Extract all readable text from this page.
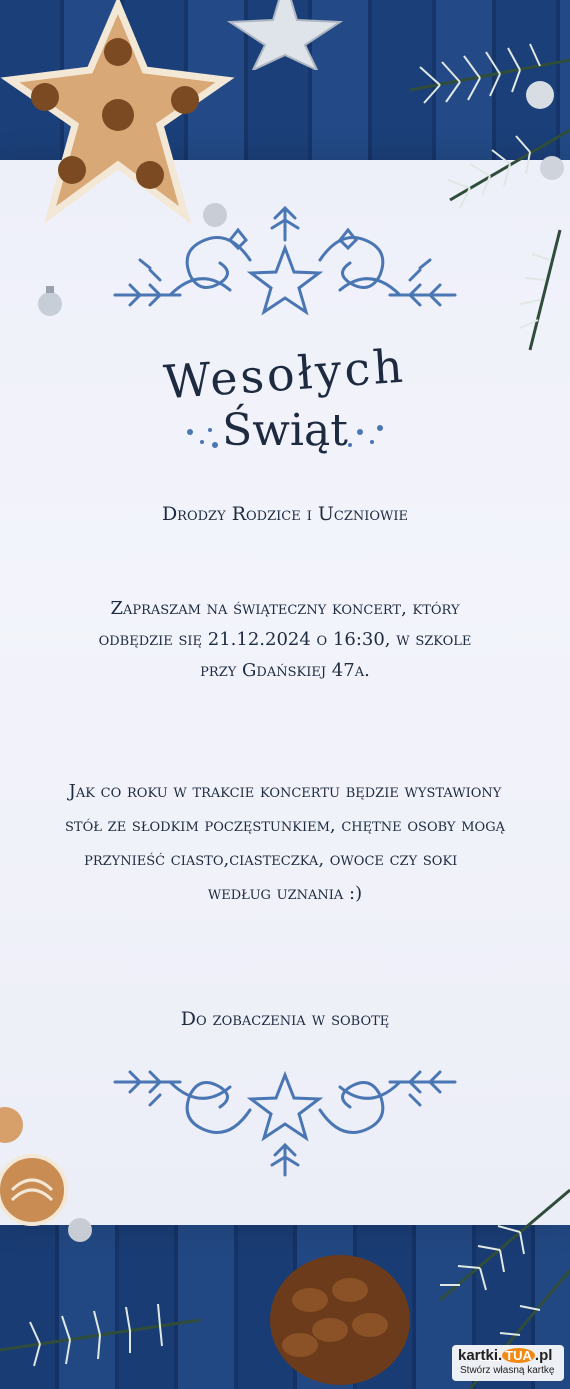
Wesołych
Świąt
Drodzy Rodzice i Uczniowie
Zapraszam na świąteczny koncert, który
odbędzie się 21.12.2024 o 16:30, w szkole
przy Gdańskiej 47a.
Jak co roku w trakcie koncertu będzie wystawiony
stół ze słodkim poczęstunkiem, chętne osoby mogą
przynieść ciasto,ciasteczka, owoce czy soki
według uznania :)
Do zobaczenia w sobotę
kartki. TUA .pl
Stwórz własną kartkę
